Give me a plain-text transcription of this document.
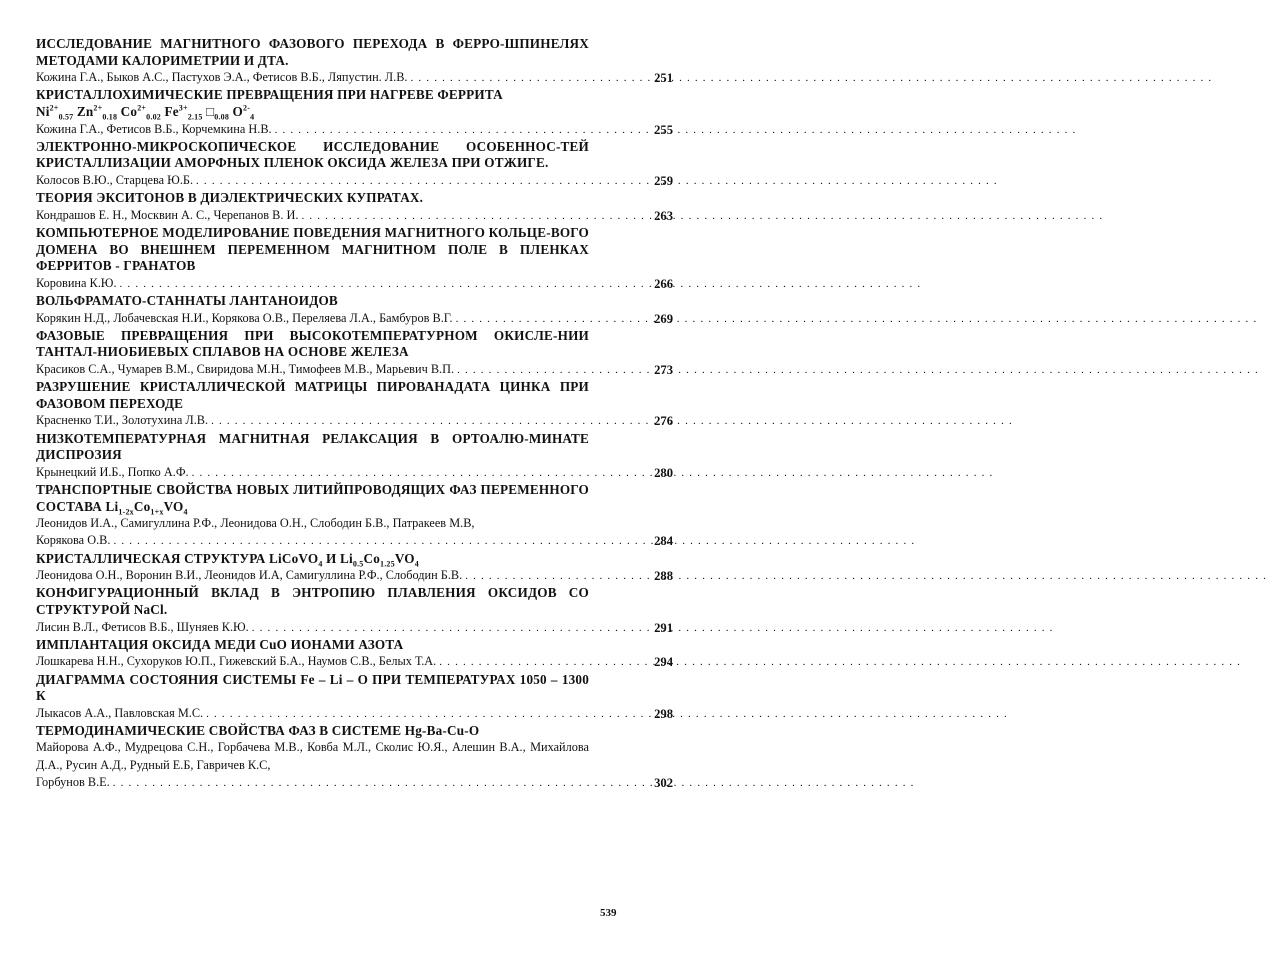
ИССЛЕДОВАНИЕ МАГНИТНОГО ФАЗОВОГО ПЕРЕХОДА В ФЕРРО-ШПИНЕЛЯХ МЕТОДАМИ КАЛОРИМЕТРИИ И ДТА.
Кожина Г.А., Быков А.С., Пастухов Э.А., Фетисов В.Б., Ляпустин. Л.В. . . .	251
КРИСТАЛЛОХИМИЧЕСКИЕ ПРЕВРАЩЕНИЯ ПРИ НАГРЕВЕ ФЕРРИТА
$Ni^{2+}_{0.57}$ $Zn^{2+}_{0.18}$ $Co^{2+}_{0.02}$ $Fe^{3+}_{2.15}$ $□_{0.08}$ $O^{2-}_4$
Кожина Г.А., Фетисов В.Б., Корчемкина Н.В. . . .	255
ЭЛЕКТРОННО-МИКРОСКОПИЧЕСКОЕ ИССЛЕДОВАНИЕ ОСОБЕННОС-ТЕЙ КРИСТАЛЛИЗАЦИИ АМОРФНЫХ ПЛЕНОК ОКСИДА ЖЕЛЕЗА ПРИ ОТЖИГЕ.
Колосов В.Ю., Старцева Ю.Б. . . .	259
ТЕОРИЯ ЭКСИТОНОВ В ДИЭЛЕКТРИЧЕСКИХ КУПРАТАХ.
Кондрашов Е. Н., Москвин А. С., Черепанов В. И. . . .	263
КОМПЬЮТЕРНОЕ МОДЕЛИРОВАНИЕ ПОВЕДЕНИЯ МАГНИТНОГО КОЛЬЦЕ-ВОГО ДОМЕНА ВО ВНЕШНЕМ ПЕРЕМЕННОМ МАГНИТНОМ ПОЛЕ В ПЛЕНКАХ ФЕРРИТОВ - ГРАНАТОВ
Коровина К.Ю. . . .	266
ВОЛЬФРАМАТО-СТАННАТЫ ЛАНТАНОИДОВ
Корякин Н.Д., Лобачевская Н.И., Корякова О.В., Переляева Л.А., Бамбуров В.Г. . . .	269
ФАЗОВЫЕ ПРЕВРАЩЕНИЯ ПРИ ВЫСОКОТЕМПЕРАТУРНОМ ОКИСЛЕ-НИИ ТАНТАЛ-НИОБИЕВЫХ СПЛАВОВ НА ОСНОВЕ ЖЕЛЕЗА
Красиков С.А., Чумарев В.М., Свиридова М.Н., Тимофеев М.В., Марьевич В.П. . . .	273
РАЗРУШЕНИЕ КРИСТАЛЛИЧЕСКОЙ МАТРИЦЫ ПИРОВАНАДАТА ЦИНКА ПРИ ФАЗОВОМ ПЕРЕХОДЕ
Красненко Т.И., Золотухина Л.В. . . .	276
НИЗКОТЕМПЕРАТУРНАЯ МАГНИТНАЯ РЕЛАКСАЦИЯ В ОРТОАЛЮ-МИНАТЕ ДИСПРОЗИЯ
Крынецкий И.Б., Попко А.Ф. . . .	280
ТРАНСПОРТНЫЕ СВОЙСТВА НОВЫХ ЛИТИЙПРОВОДЯЩИХ ФАЗ ПЕРЕМЕННОГО СОСТАВА $Li_{1-2x}Co_{1+x}VO_4$
Леонидов И.А., Самигуллина Р.Ф., Леонидова О.Н., Слободин Б.В., Патракеев М.В,
Корякова О.В. . . .	284
КРИСТАЛЛИЧЕСКАЯ СТРУКТУРА LiCoVO$_4$ И $Li_{0.5}Co_{1.25}VO_4$
Леонидова О.Н., Воронин В.И., Леонидов И.А, Самигуллина Р.Ф., Слободин Б.В. . . .	288
КОНФИГУРАЦИОННЫЙ ВКЛАД В ЭНТРОПИЮ ПЛАВЛЕНИЯ ОКСИДОВ СО СТРУКТУРОЙ NaCl.
Лисин В.Л., Фетисов В.Б., Шуняев К.Ю. . . .	291
ИМПЛАНТАЦИЯ ОКСИДА МЕДИ CuO ИОНАМИ АЗОТА
Лошкарева Н.Н., Сухоруков Ю.П., Гижевский Б.А., Наумов С.В., Белых Т.А. . . .	294
ДИАГРАММА СОСТОЯНИЯ СИСТЕМЫ Fe – Li – O ПРИ ТЕМПЕРАТУРАХ 1050 – 1300 К
Лыкасов А.А., Павловская М.С. . . .	298
ТЕРМОДИНАМИЧЕСКИЕ СВОЙСТВА ФАЗ В СИСТЕМЕ Hg-Ba-Cu-O
Майорова А.Ф., Мудрецова С.Н., Горбачева М.В., Ковба М.Л., Сколис Ю.Я., Алешин В.А., Михайлова Д.А., Русин А.Д., Рудный Е.Б, Гавричев К.С,
Горбунов В.Е. . . .	302
539
